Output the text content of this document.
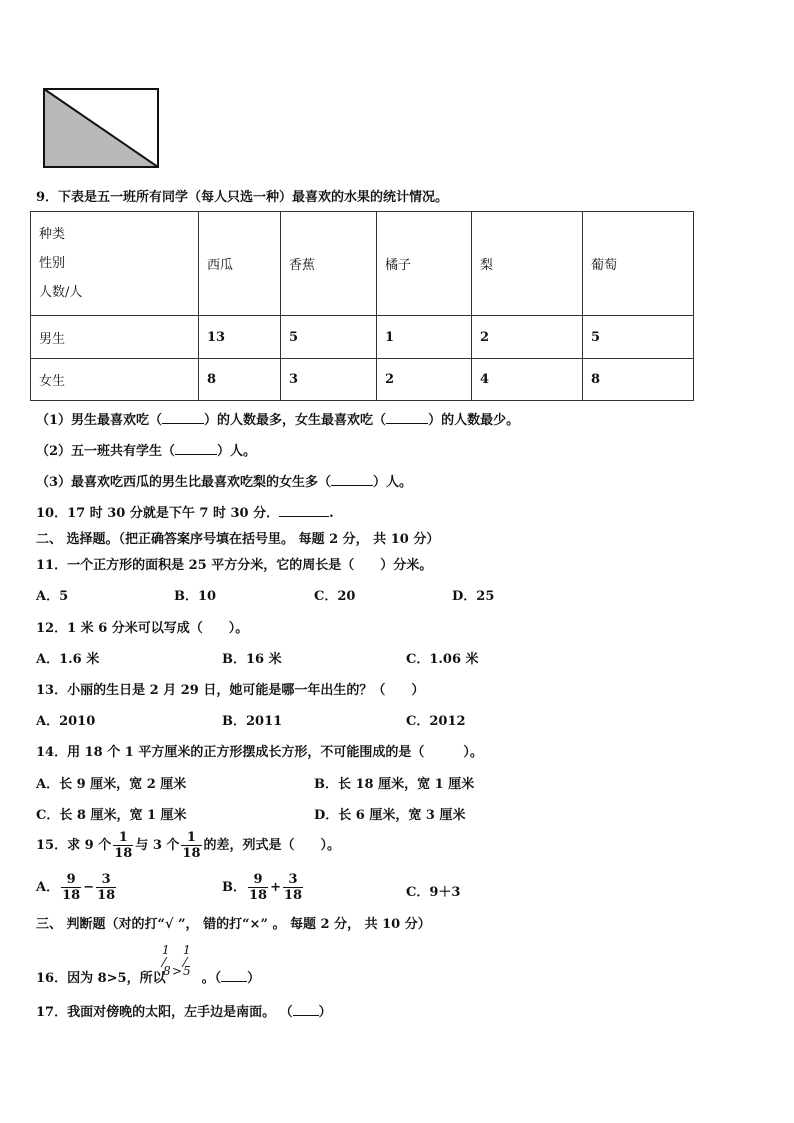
9．下表是五一班所有同学（每人只选一种）最喜欢的水果的统计情况。
种类
性别
人数/人	西瓜	香蕉	橘子	梨	葡萄
男生	13	5	1	2	5
女生	8	3	2	4	8
（1）男生最喜欢吃（	）的人数最多，女生最喜欢吃（	）的人数最少。
（2）五一班共有学生（	）人。
（3）最喜欢吃西瓜的男生比最喜欢吃梨的女生多（	）人。
10．17 时 30 分就是下午 7 时 30 分．	.
二、 选择题。（把正确答案序号填在括号里。 每题 2 分， 共 10 分）
11．一个正方形的面积是 25 平方分米，它的周长是（　　）分米。
A．5	B．10	C．20	D．25
12．1 米 6 分米可以写成（　　）。
A．1.6 米	B．16 米	C．1.06 米
13．小丽的生日是 2 月 29 日，她可能是哪一年出生的？（　　）
A．2010	B．2011	C．2012
14．用 18 个 1 平方厘米的正方形摆成长方形，不可能围成的是（　　　）。
A．长 9 厘米，宽 2 厘米	B．长 18 厘米，宽 1 厘米
C．长 8 厘米，宽 1 厘米	D．长 6 厘米，宽 3 厘米
15．求 9 个 $\frac{1}{18}$ 与 3 个 $\frac{1}{18}$ 的差，列式是（　　）。
A． $\frac{9}{18} - \frac{3}{18}$	B． $\frac{9}{18} + \frac{3}{18}$	C．9＋3
三、 判断题（对的打“√ ”， 错的打“×” 。 每题 2 分， 共 10 分）
16．因为 8>5，所以	。（ ）
1 1
8 > 5
17．我面对傍晚的太阳，左手边是南面。 （ ）
